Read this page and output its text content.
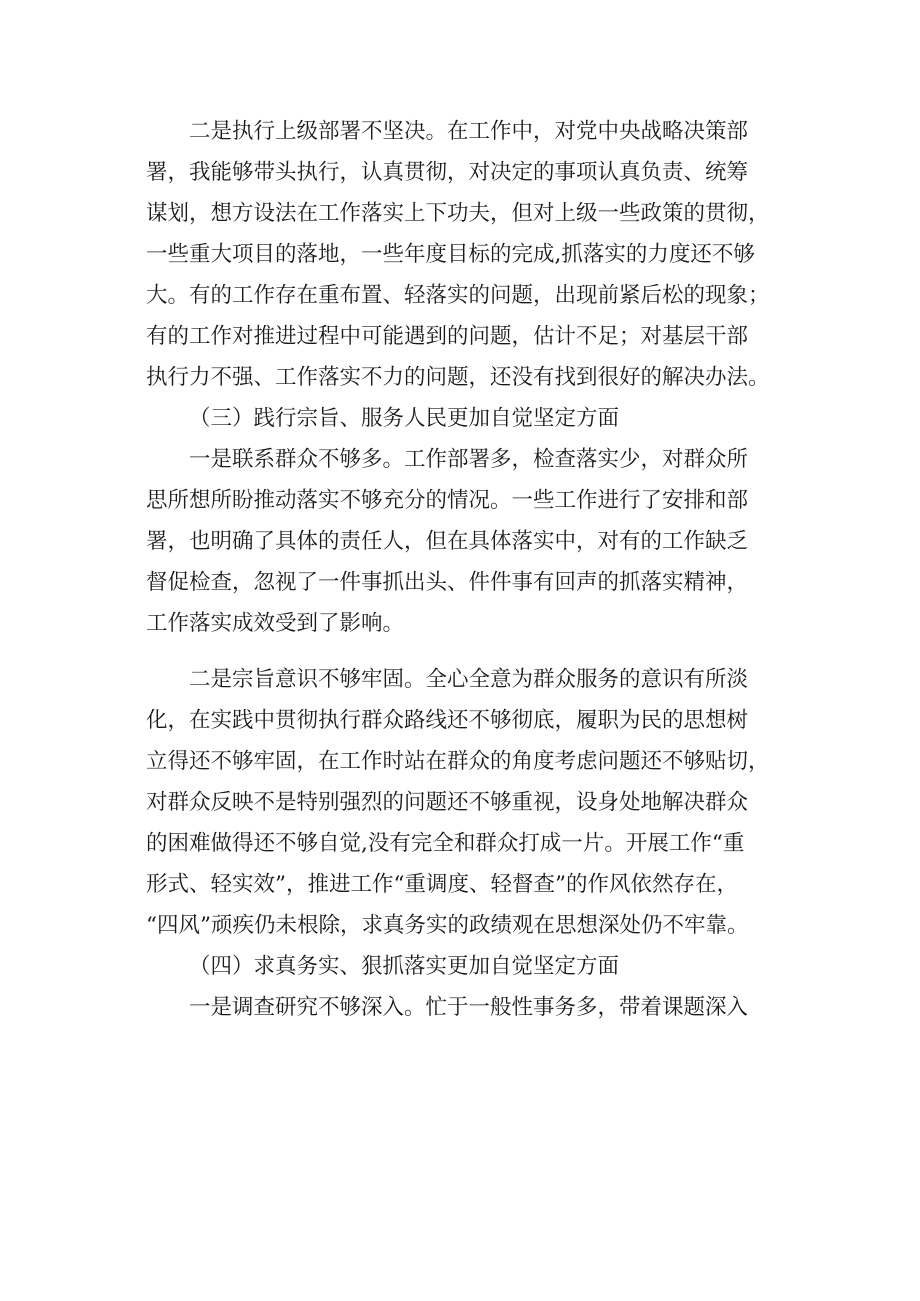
二是执行上级部署不坚决。在工作中，对党中央战略决策部
署，我能够带头执行，认真贯彻，对决定的事项认真负责、统筹
谋划，想方设法在工作落实上下功夫，但对上级一些政策的贯彻，
一些重大项目的落地，一些年度目标的完成,抓落实的力度还不够
大。有的工作存在重布置、轻落实的问题，出现前紧后松的现象；
有的工作对推进过程中可能遇到的问题，估计不足；对基层干部
执行力不强、工作落实不力的问题，还没有找到很好的解决办法。
（三）践行宗旨、服务人民更加自觉坚定方面
一是联系群众不够多。工作部署多，检查落实少，对群众所
思所想所盼推动落实不够充分的情况。一些工作进行了安排和部
署，也明确了具体的责任人，但在具体落实中，对有的工作缺乏
督促检查，忽视了一件事抓出头、件件事有回声的抓落实精神，
工作落实成效受到了影响。
二是宗旨意识不够牢固。全心全意为群众服务的意识有所淡
化，在实践中贯彻执行群众路线还不够彻底，履职为民的思想树
立得还不够牢固，在工作时站在群众的角度考虑问题还不够贴切，
对群众反映不是特别强烈的问题还不够重视，设身处地解决群众
的困难做得还不够自觉,没有完全和群众打成一片。开展工作“重
形式、轻实效”，推进工作“重调度、轻督查”的作风依然存在，
“四风”顽疾仍未根除，求真务实的政绩观在思想深处仍不牢靠。
（四）求真务实、狠抓落实更加自觉坚定方面
一是调查研究不够深入。忙于一般性事务多，带着课题深入
